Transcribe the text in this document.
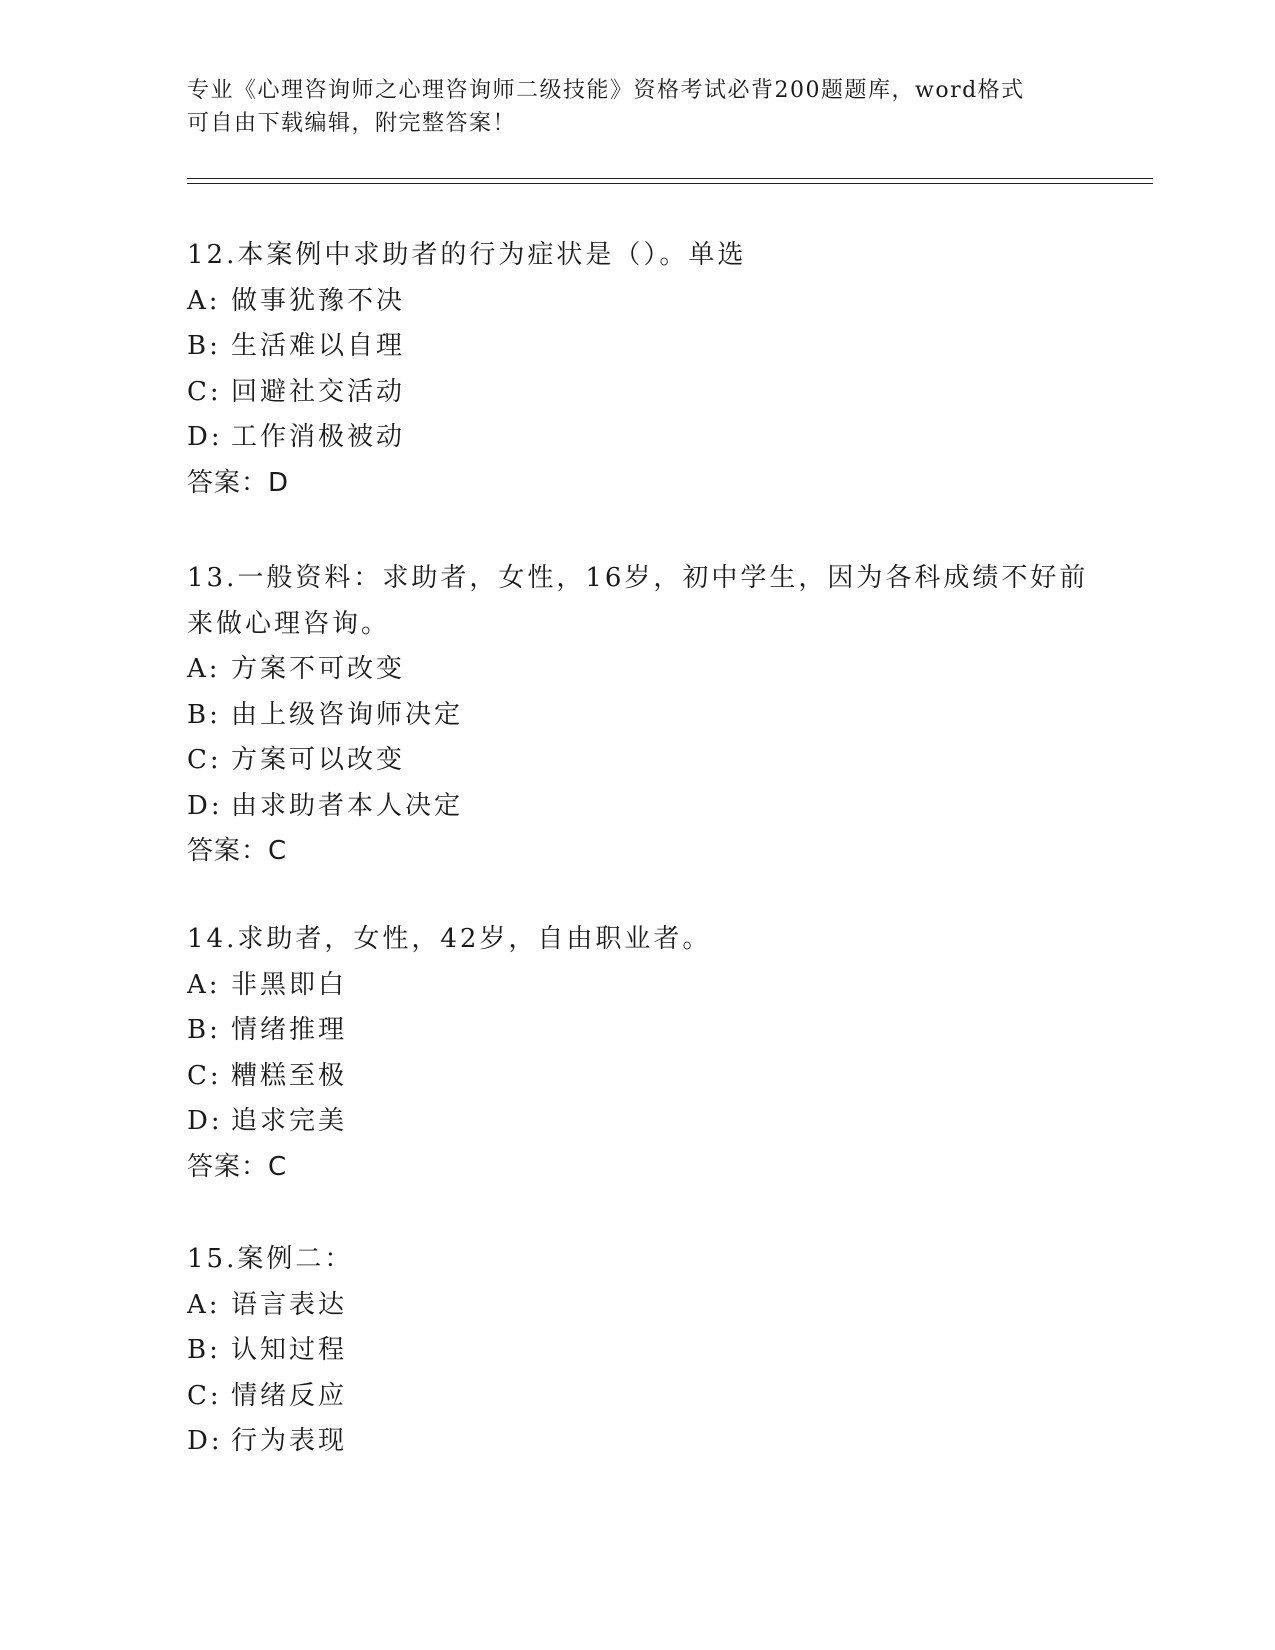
专业《心理咨询师之心理咨询师二级技能》资格考试必背200题题库，word格式
可自由下载编辑，附完整答案！
12.本案例中求助者的行为症状是（）。单选
A: 做事犹豫不决
B: 生活难以自理
C: 回避社交活动
D: 工作消极被动
答案：D
13.一般资料：求助者，女性，16岁，初中学生，因为各科成绩不好前
来做心理咨询。
A: 方案不可改变
B: 由上级咨询师决定
C: 方案可以改变
D: 由求助者本人决定
答案：C
14.求助者，女性，42岁，自由职业者。
A: 非黑即白
B: 情绪推理
C: 糟糕至极
D: 追求完美
答案：C
15.案例二：
A: 语言表达
B: 认知过程
C: 情绪反应
D: 行为表现
